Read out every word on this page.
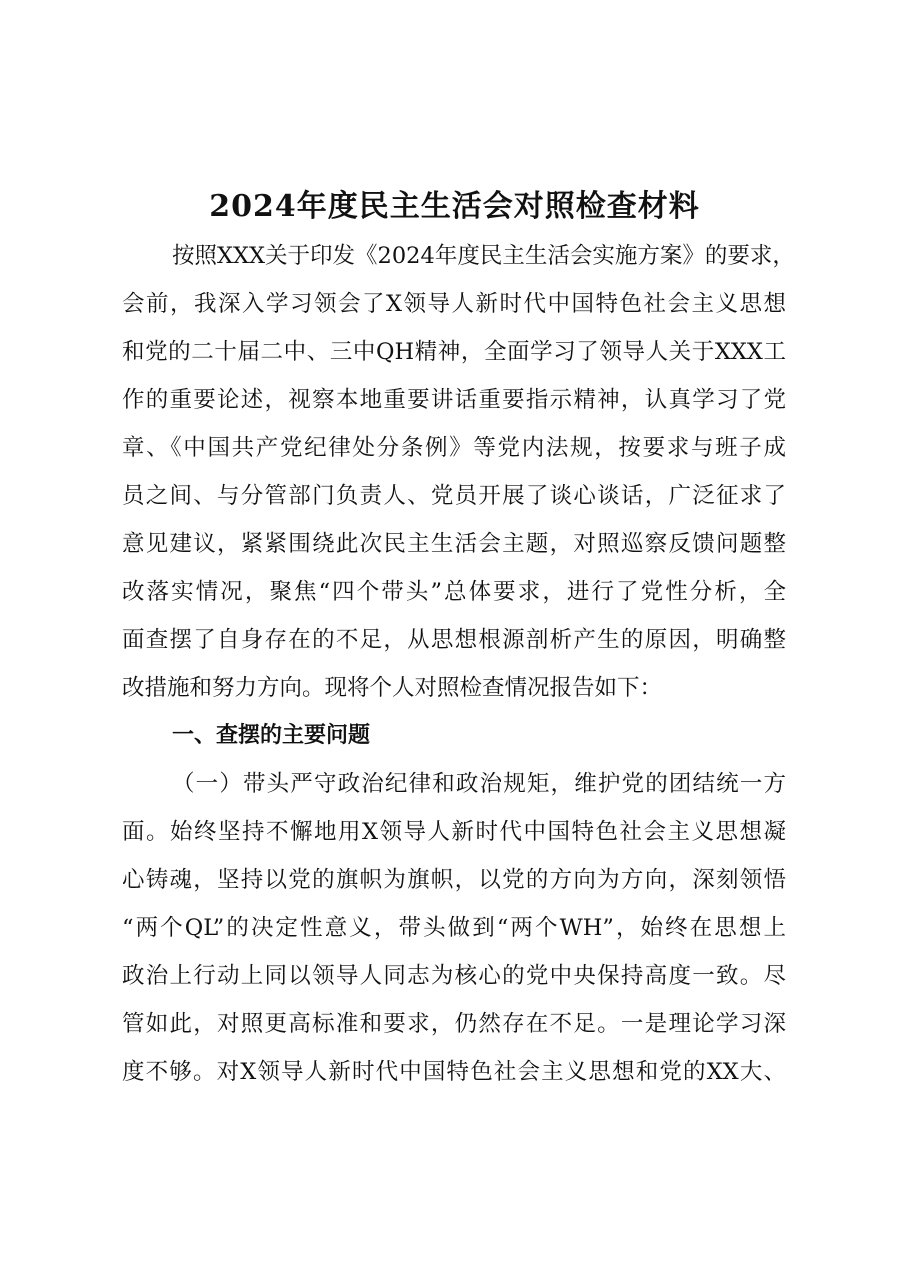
2024年度民主生活会对照检查材料
按照XXX关于印发《2024年度民主生活会实施方案》的要求，
会前，我深入学习领会了X领导人新时代中国特色社会主义思想
和党的二十届二中、三中QH精神，全面学习了领导人关于XXX工
作的重要论述，视察本地重要讲话重要指示精神，认真学习了党
章、《中国共产党纪律处分条例》等党内法规，按要求与班子成
员之间、与分管部门负责人、党员开展了谈心谈话，广泛征求了
意见建议，紧紧围绕此次民主生活会主题，对照巡察反馈问题整
改落实情况，聚焦“四个带头”总体要求，进行了党性分析，全
面查摆了自身存在的不足，从思想根源剖析产生的原因，明确整
改措施和努力方向。现将个人对照检查情况报告如下：
一、查摆的主要问题
（一）带头严守政治纪律和政治规矩，维护党的团结统一方
面。始终坚持不懈地用X领导人新时代中国特色社会主义思想凝
心铸魂，坚持以党的旗帜为旗帜，以党的方向为方向，深刻领悟
“两个QL”的决定性意义，带头做到“两个WH”，始终在思想上
政治上行动上同以领导人同志为核心的党中央保持高度一致。尽
管如此，对照更高标准和要求，仍然存在不足。一是理论学习深
度不够。对X领导人新时代中国特色社会主义思想和党的XX大、
